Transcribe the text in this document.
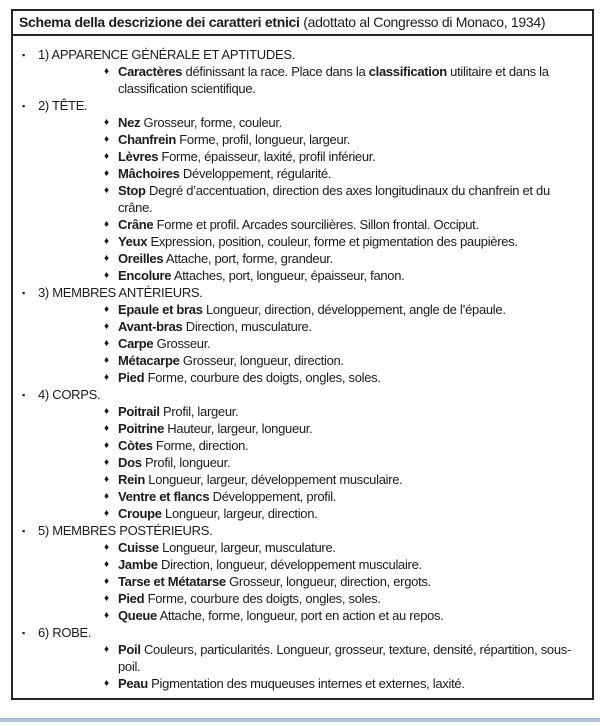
Schema della descrizione dei caratteri etnici (adottato al Congresso di Monaco, 1934)
▪ 1) APPARENCE GÉNÉRALE ET APTITUDES.
♦ Caractères définissant la race. Place dans la classification utilitaire et dans la classification scientifique.
▪ 2) TÊTE.
♦ Nez Grosseur, forme, couleur.
♦ Chanfrein Forme, profil, longueur, largeur.
♦ Lèvres Forme, épaisseur, laxité, profil inférieur.
♦ Mâchoires Développement, régularité.
♦ Stop Degré d’accentuation, direction des axes longitudinaux du chanfrein et du crâne.
♦ Crâne Forme et profil. Arcades sourcilières. Sillon frontal. Occiput.
♦ Yeux Expression, position, couleur, forme et pigmentation des paupières.
♦ Oreilles Attache, port, forme, grandeur.
♦ Encolure Attaches, port, longueur, épaisseur, fanon.
▪ 3) MEMBRES ANTÉRIEURS.
♦ Epaule et bras Longueur, direction, développement, angle de l’épaule.
♦ Avant-bras Direction, musculature.
♦ Carpe Grosseur.
♦ Métacarpe Grosseur, longueur, direction.
♦ Pied Forme, courbure des doigts, ongles, soles.
▪ 4) CORPS.
♦ Poitrail Profil, largeur.
♦ Poitrine Hauteur, largeur, longueur.
♦ Còtes Forme, direction.
♦ Dos Profil, longueur.
♦ Rein Longueur, largeur, développement musculaire.
♦ Ventre et flancs Développement, profil.
♦ Croupe Longueur, largeur, direction.
▪ 5) MEMBRES POSTÉRIEURS.
♦ Cuisse Longueur, largeur, musculature.
♦ Jambe Direction, longueur, développement musculaire.
♦ Tarse et Métatarse Grosseur, longueur, direction, ergots.
♦ Pied Forme, courbure des doigts, ongles, soles.
♦ Queue Attache, forme, longueur, port en action et au repos.
▪ 6) ROBE.
♦ Poil Couleurs, particularités. Longueur, grosseur, texture, densité, répartition, sous-poil.
♦ Peau Pigmentation des muqueuses internes et externes, laxité.
